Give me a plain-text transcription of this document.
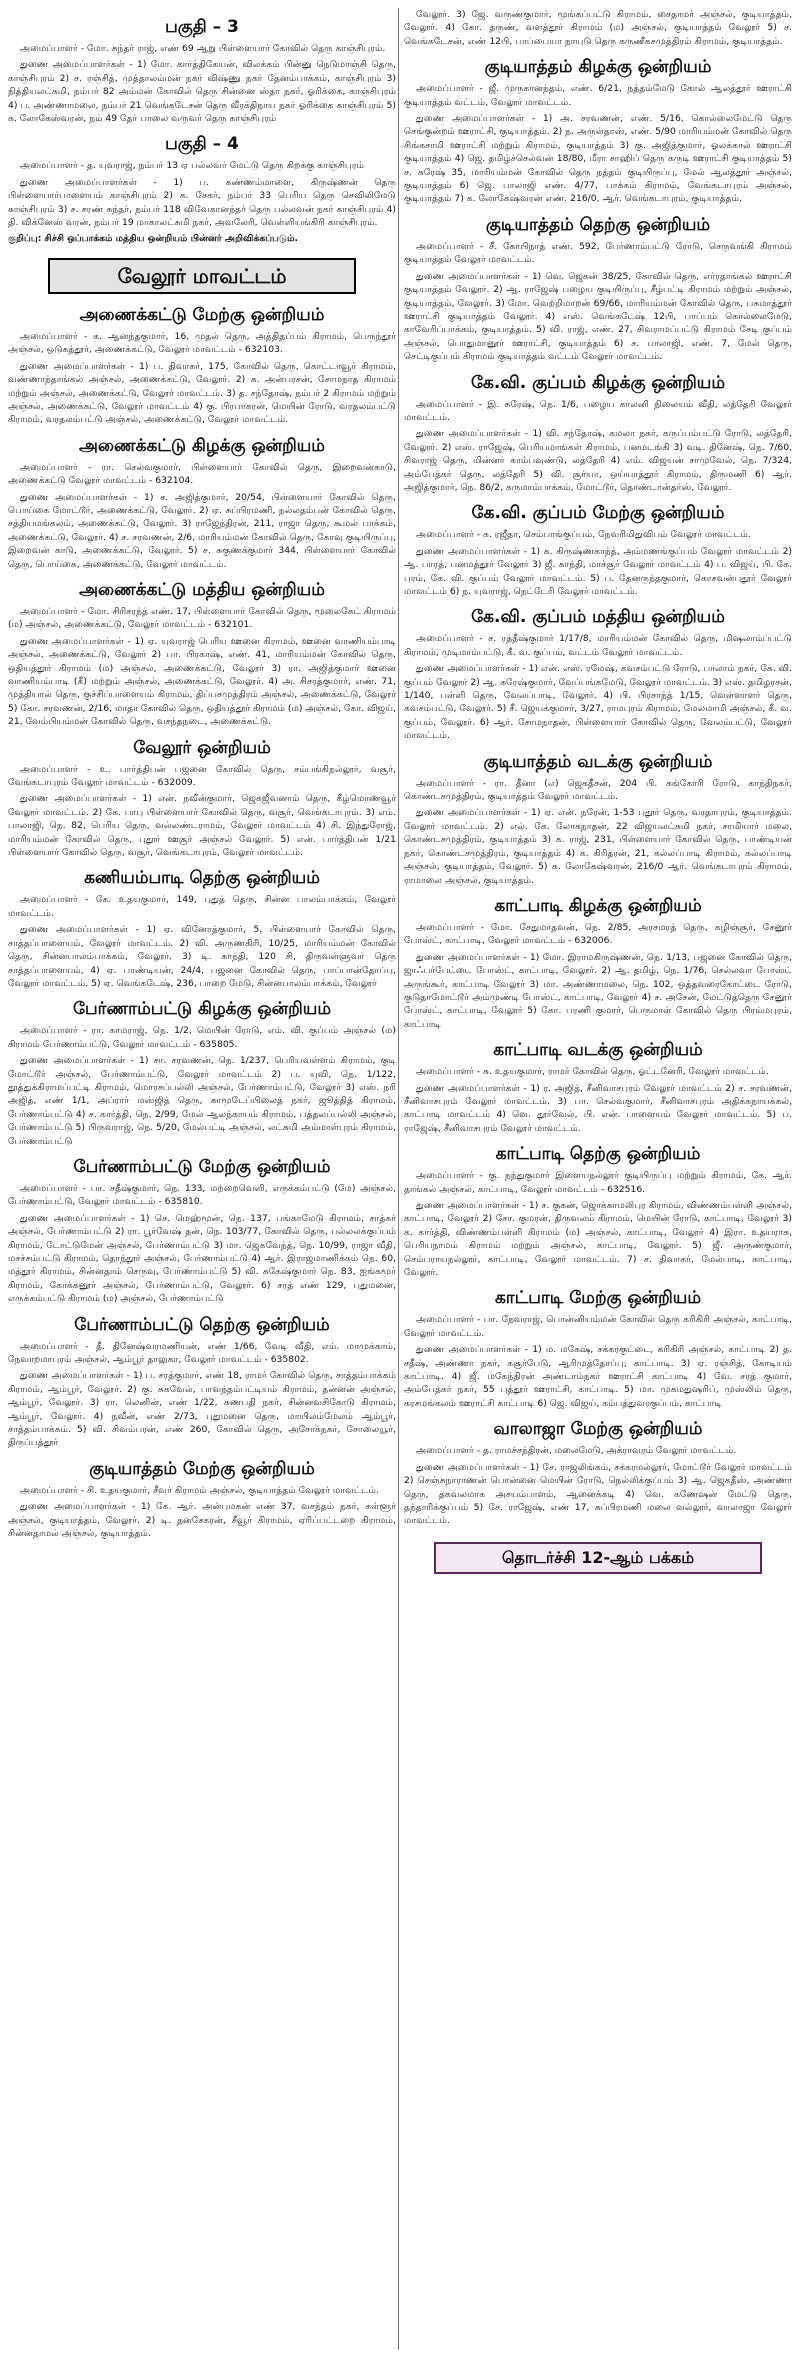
பகுதி – 3

அமைப்பாளர் - மோ. சுந்தர் ராஜ், எண் 69 ஆறு பிள்ளையார் கோவில் தெரு காஞ்சிபுரம்.

துணை அமைப்பாளர்கள் - 1) மோ. கார்த்திகேயன், விலக்கம் பின்னு நெடுமாஞ்சி தெரு, காஞ்சிபுரம் 2) ச. ரஞ்சித், முத்தாலம்மன் நகர் விஷ்ணு நகர் தேனம்பாக்கம், காஞ்சிபுரம் 3) நித்தியலட்சுமி, நம்பர் 82 அம்மன் கோவில் தெரு சின்னை ஸ்தா நகர், ஓரிக்கை, காஞ்சிபுரம் 4) ப. அண்ணாமலை, நம்பர் 21 வெங்கடேசன் தெரு வீரக்திநாய நகர் ஓரிக்கை காஞ்சிபுரம் 5) க. லோகேஸ்வரன், நம் 49 தேர் பாலை வருவர் தெரு காஞ்சிபுரம்

பகுதி – 4

அமைப்பாளர் - த. யுவராஜ், நம்பர் 13 ஏ பல்லவர் மேட்டு தெரு கிறக்கு காஞ்சிபுரம்

துணை அமைப்பாளர்கள் - 1) ப. கண்ணம்மாளை, கிருஷ்ணன் தெரு பிள்ளையார்பாளையம் காஞ்சிபுரம் 2) க. சேகர், நம்பர் 33 பெரிய தெரு செவிலிமேடு காஞ்சிபுரம் 3) ச. சரண் சுந்தர், நம்பர் 118 விவேகானந்தர் தெரு பல்லவன் நகர் காஞ்சிபுரம் 4) தி. விக்னேஸ் வரன், நம்பர் 19 மாகாலட்சுமி நகர், அவலேரி, வெள்ளியங்கிரி காஞ்சிபுரம்.

குறிப்பு: சிச்சி ஒப்பாக்கம் மத்திய ஒன்றியம் பின்னர் அறிவிக்கப்படும்.

வேலூர் மாவட்டம்
அணைக்கட்டு மேற்கு ஒன்றியம்

அமைப்பாளர் - க. ஆனந்தகுமார், 16, முதல் தெரு, அத்திதப்பம் கிராமம், பெருந்தூர் அஞ்சல், ஒடுகத்தூர், அணைக்கட்டு, வேலூர் மாவட்டம் - 632103.

துணை அமைப்பாளர்கள் - 1) ப. திவாகர், 175, கோவில் தெரு, கொட்டாவூர் கிராமம், வண்ணாந்தாங்கல் அஞ்சல், அணைக்கட்டு, வேலூர். 2) சு. அன்பரசன், சோமநாத கிராமம் மற்றும் அஞ்சல், அணைக்கட்டு, வேலூர் மாவட்டம். 3) த. சந்தோஷ், நம்பர் 2 கிராமம் மற்றும் அஞ்சல், அணைக்கட்டு, வேலூர் மாவட்டம் 4) கு. பிரபாகரன், மெயின் ரோடு, வரதலம்பட்டு கிராமம், வரதலம்பட்டு அஞ்சல், அணைக்கட்டு, வேலூர் மாவட்டம்.

அணைக்கட்டு கிழக்கு ஒன்றியம்

அமைப்பாளர் - ரா. செல்வகுமார், பிள்ளையார் கோவில் தெரு, இறைவன்காடு, அணைக்கட்டு வேலூர் மாவட்டம் - 632104.

துணை அமைப்பாளர்கள் - 1) ச. அஜித்குமார், 20/54, பிள்ளையார் கோவில் தெரு, பொய்கை மோட்டூர், அணைக்கட்டு, வேலூர். 2) ஏ. சுப்பிரமணி, நல்லதம்பன் கோவில் தெரு, சத்தியமங்கலம், அணைக்கட்டு, வேலூர். 3) ராஜேந்திரன், 211, ராஜா தெரு, கூமல் பாக்கம், அணைக்கட்டு, வேலூர். 4) ச. சரவணன், 2/6, மாரியம்மன் கோவில் தெரு, கோவு குடியிருப்பு, இறைவன் காடு, அணைக்கட்டு, வேலூர். 5) ச. சுகுணக்குமார் 344, பிள்ளையார் கோவில் தெரு, பொய்கை, அணைக்கட்டு, வேலூர் மாவட்டம்.

அணைக்கட்டு மத்திய ஒன்றியம்

அமைப்பாளர் - மோ. சிரிசரந்த் எண். 17, பிள்ளையார் கோவில் தெரு, மூலைகேட் கிராமம் (ம) அஞ்சல், அணைக்கட்டு, வேலூர் மாவட்டம் - 632101.

துணை அமைப்பாளர்கள் - 1) ஏ. யுவராஜ் பெரிய ஊனை கிராமம், ஊனை வாணியம்பாடி அஞ்சல், அணைக்கட்டு, வேலூர் 2) பா. பிரகாஷ், எண். 41, மாரியம்மன் கோவில் தெரு, ஒதியத்தூர் கிராமம் (ம) அஞ்சல், அணைக்கட்டு, வேலூர் 3) ரா. அஜித்குமார் ஊனை வாணியம்பாடி (கீ) மற்றும் அஞ்சல், அணைக்கட்டு, வேலூர். 4) அ. சிசரத்குமார், எண். 71, முத்தியால் தெரு, குச்சிப்பாளையம் கிராமம், திப்பசமுத்திரம் அஞ்சல், அணைக்கட்டு, வேலூர் 5) கோ. சரவணன், 2/16, மாதா கோவில் தெரு, ஒதியத்தூர் கிராமம் (ம) அஞ்சல், கோ. விஜய், 21, வேம்பியம்மன் கோவில் தெரு, வசந்தநடை, அணைக்கட்டு.

வேலூர் ஒன்றியம்

அமைப்பாளர் - உ. பார்த்திபன் பஜனை கோவில் தெரு, சம்பங்கிநல்லூர், வசூர், வேங்கடாபுரம் வேலூர் மாவட்டம் - 632009.

துணை அமைப்பாளர்கள் - 1) என். நவீன்குமார், ஜெகஜீவனாம் தெரு, கீழ்மொணவூர் வேலூர் மாவட்டம். 2) கே. பாபு பிள்ளையார் கோவில் தெரு, வசூர், வெங்கடாபுரம். 3) எம். பாலாஜி, நெ. 82, பெரிய தெரு, வல்லண்டராமம், வேலூர் மாவட்டம் 4) சி. இந்துரோஜ், மாரியம்மன் கோவில் தெரு, புதூர் ஊசூர் அஞ்சல் வேலூர். 5) என். பார்த்திபன் 1/21 பிள்ளையார் கோவில் தெரு, வசூர், வெங்கடாபுரம், வேலூர் மாவட்டம்.

கணியம்பாடி தெற்கு ஒன்றியம்

அமைப்பாளர் - கே. உதயகுமார், 149, புதுத் தெரு, சின்ன பாலம்பாக்கம், வேலூர் மாவட்டம்.

துணை அமைப்பாளர்கள் - 1) ஏ. வினோத்குமார், 5, பிள்ளையார் கோவில் தெரு, சாத்தப்பாளையம், வேலூர் மாவட்டம். 2) வி. அருணகிரி, 10/25, மாரியம்மன் கோவில் தெரு, சின்னபாலம்பாக்கம், வேலூர். 3) டி. காந்தி, 120 சி, திருவள்ளுவர் தெரு சாத்தப்பாளையம், 4) ஏ. பாண்டியன், 24/4, பஜனை கோவில் தெரு, பாப்பான்தோப்பு, வேலூர் மாவட்டம். 5) ஏ. வெங்கடேஷ், 236, பாறை மேடு, சின்னபாலம்பாக்கம், வேலூர்

பேர்ணாம்பட்டு கிழக்கு ஒன்றியம்

அமைப்பாளர் - ரா. காமராஜ், நெ. 1/2, மெயின் ரோடு, எம். வி. குப்பம் அஞ்சல் (ம) கிராமம் பேர்ணாம்பட்டு, வேலூர் மாவட்டம் - 635805.

துணை அமைப்பாளர்கள் - 1) சா. சரவணன், நெ. 1/237, பெரியவள்ளம் கிராமம், குடி மோட்டூர் அஞ்சல், பேர்ணாம்பட்டு, வேலூர் மாவட்டம் 2) ப. யுவி, நெ. 1/122, தூத்துக்கிராமப்பட்டி கிராமம், மொரசப்பல்லி அஞ்சல், பேர்ணாம்பட்டு, வேலூர் 3) எஸ். நரி அஜித், எண் 1/1, அப்ரார் மஸ்ஜித் தெரு, காமூடேப்பிலைத் நகர், ஜூத்தித் கிராமம், பேர்ணாம்பட்டு 4) ச. கார்த்தி, நெ. 2/99, மேல் ஆலந்காயம் கிராமம், பத்தலப்பல்லி அஞ்சல், பேர்ணாம்பட்டு 5) பிருவராஜ், நெ. 5/20, மேல்பட்டி அஞ்சல், லட்சுமி அம்மாள்புரம் கிராமம், பேர்ணாம்பட்டு

பேர்ணாம்பட்டு மேற்கு ஒன்றியம்

அமைப்பாளர் - பா. சதீஷ்குமார், நெ. 133, மற்றைவெளி, எருக்கம்பட்டு (மே) அஞ்சல், பேர்ணாம்பட்டு, வேலூர் மாவட்டம் - 635810.

துணை அமைப்பாளர்கள் - 1) செ. மெஹ்மூன், நெ. 137, பங்காமேடு கிராமம், சாத்கர் அஞ்சல், பேர்ணாம்பட்டு 2) ரா. பூர்வேஷ் தன், நெ. 103/77, கோவில் தெரு, பல்லலக்குப்பம் கிராமம், டோட்டுமேன் அஞ்சல், பேர்ணாம்பட்டு 3) மா. ஜெகவேந்த், நெ. 10/99, ராஜா வீதி, மசச்சம்பட்டு கிராமம், தொந்தூர் அஞ்சல், பேர்ணாம்பட்டு 4) ஆர். இராஜமாணிக்கம் நெ. 60, மத்தூர் கிராமம், சின்னதாம் செருவு, பேர்ணாம்பட்டு 5) வி. சுகேஷ்குமார் நெ. 83, ஐங்கமூர் கிராமம், கோக்கனூர் அஞ்சல், பேர்ணாம்பட்டு, வேலூர். 6) சரத் எண் 129, புதுமனை, எருக்கம்பட்டு கிராமம் (ம) அஞ்சல், பேர்ணாம்பட்டு

பேர்ணாம்பட்டு தெற்கு ஒன்றியம்

அமைப்பாளர் - தீ. தினேஷ்வரமணியன், எண் 1/66, வேடி வீதி, எம். மாமுக்காம், நேவாறமாபுரம் அஞ்சல், ஆம்பூர் தாலுகா, வேலூர் மாவட்டம் - 635802.

துணை அமைப்பாளர்கள் - 1) ப. சரத்குமார், எண் 18, ராமர் கோவில் தெரு, சாத்தம்பாக்கம் கிராமம், ஆம்பூர், வேலூர். 2) கு. சுகவேல், பாவந்தம்பட்டியம் கிராமம், தன்னன் அஞ்சல், ஆம்பூர், வேலூர். 3) ரா. லெனின், எண் 1/22, கணபதி நகர், சின்னவசிகோடு கிராமம், ஆம்பூர், வேலூர். 4) நவீன், எண் 2/73, புதுமனை தெரு, மாயிலம்மேலம் ஆம்பூர், சாத்தம்பாக்கம். 5) வி. சிவம்பரன், எண் 260, கோவில் தெரு, அசோக்நகர், சோலையூர், திருப்பத்தூர்

குடியாத்தம் மேற்கு ஒன்றியம்

அமைப்பாளர் - சி. உதயகுமார், சீவர் கிராமம் அஞ்சல், குடியாத்தம் வேலூர் மாவட்டம்.

துணை அமைப்பாளர்கள் - 1) கே. ஆர். அன்புமகன் எண் 37, வசந்தம் நகர், கள்ளூர் அஞ்சல், குடியாத்தம், வேலூர். 2) டி. தனசேகரன், சீவூர் கிராமம், ஏரிப்பட்டறை கிராமம், சின்னதாமல் அஞ்சல், குடியாத்தம்.

வேலூர். 3) ஜே. வருண்குமார், மூங்கப்பட்டு கிராமம், சைதாமர் அஞ்சல், குடியாத்தம், வேலூர். 4) கோ. தருண், வளத்தூர் கிராமம் (ம) அஞ்சல், குடியாத்தம் வேலூர் 5) ச. வெங்கடேசன், எண் 12பி, பாப்பையா நாயுடு தெரு கருணீகசமுத்திரம் கிராமம், குடியாத்தம்.

குடியாத்தம் கிழக்கு ஒன்றியம்

அமைப்பாளர் - ஜீ. முருகானந்தம், எண். 6/21, நத்தம்மேடு கோல் ஆலத்தூர் ஊராட்சி குடியாத்தம் வட்டம், வேலூர் மாவட்டம்.

துணை அமைப்பாளர்கள் - 1) அ. சரவணன், எண். 5/16, கொல்லைமேட்டு தெரு செங்குன்றம் ஊராட்சி, குடியாத்தம். 2) ந. அருள்தாஸ், எண். 5/90 மாரியம்மன் கோவில் தெரு சிங்கசாமி ஊராட்சி மற்றும் கிராமம், குடியாத்தம் 3) கு. அஜித்குமார், ஓலக்கால் ஊராட்சி குடியாத்தம் 4) ஜெ. தமிழ்ச்செல்வன் 18/80, மீரா சாஹிப் தெரு கருடி ஊராட்சி குடியாத்தம் 5) ச. சுரேஷ் 35, மாரியம்மன் கோவில் தெரு நத்தம் குடியிருப்பு, மேல் ஆலத்தூர் அஞ்சல், குடியாத்தம் 6) ஜெ. பாலாஜி எண். 4/77, பாக்கம் கிராமம், வேங்கடாபுரம் அஞ்சல், குடியாத்தம் 7) க. லோகேஷ்வரன் எண். 216/0, ஆர். வெங்கடாபுரம், குடியாத்தம்.

குடியாத்தம் தெற்கு ஒன்றியம்

அமைப்பாளர் - சீ. கோபிநாத் எண். 592, பேர்ணாம்பட்டு ரோடு, செருவங்கி கிராமம் குடியாத்தம் வேலூர் மாவட்டம்.

துணை அமைப்பாளர்கள் - 1) வெ. ஜெகன் 38/25, கோவில் தெரு, எர்ரதாங்கல் ஊராட்சி குடியாத்தம் வேலூர். 2) ஆ. ராஜேஷ் பழைய குடியிருப்பு, சீழ்பட்டி கிராமம் மற்றும் அஞ்சல், குடியாத்தம், வேலூர். 3) மோ. வெற்றிமாறன் 69/66, மாரியம்மன் கோவில் தெரு, பசுமாத்தூர் ஊராட்சி குடியாத்தம் வேலூர். 4) எஸ். வெங்கடேஷ் 12பி, பாப்பம் கொல்லைமேடு, காவேரிப்பாக்கம், குடியாத்தம். 5) வி. ராஜ், எண். 27, சிவராமப்பட்டு கிராமம் சேடி குப்பம் அஞ்சல், பொதுமானூர் ஊராட்சி, குடியாத்தம் 6) ச. பாலாஜி, எண். 7, மேல் தெரு, செட்டிகுப்பம் கிராமம் குடியாத்தம் வட்டம் வேலூர் மாவட்டம்.

கே.வி. குப்பம் கிழக்கு ஒன்றியம்

அமைப்பாளர் - இ. சுரேஷ், நெ. 1/6, பழைய காலனி நிலையம் வீதி, லத்தேரி வேலூர் மாவட்டம்.

துணை அமைப்பாளர்கள் - 1) வி. சந்தோஷ், கமலா நகர், கருப்பம்பட்டு ரோடு, லத்தேரி, வேலூர். 2) எஸ். ராஜேஷ், பெரியமாங்கள் கிராமம், பனமடங்கி 3) வடி. தினேஷ், நெ. 7/60, சிவராஜ் தெரு, மின்னர் காம்பவுண்டு, லத்தேரி 4) எம். விஜயன் சாமுவேல், நெ. 7/324, அம்பேத்கர் தெரு, லத்தேரி 5) வி. சூர்யா, ஒய்யாத்தூர் கிராமம், திருமணி 6) ஆர். அஜித்குமார், நெ. 86/2, கருமாம்பாக்கம், மோட்டூர், தொண்டான்தர்ஸ், வேலூர்.

கே.வி. குப்பம் மேற்கு ஒன்றியம்

அமைப்பாளர் - க. ரஜீதா, செம்பாங்குப்பம், நேவரிமிதுவிபம் வேலூர் மாவட்டம்.

துணை அமைப்பாளர்கள் - 1) க. கிருஷ்ணகாந்த், அம்மணங்குப்பம் வேலூர் மாவட்டம் 2) ஆ. பாரத், பனமத்தூர் வேலூர் 3) ஜீ. காந்தி, மாச்சூர் வேலூர் மாவட்டம் 4) ப. விஜய், பி. கே. புரம், கே. வி. குப்பம் வேலூர் மாவட்டம். 5) ப. தேனருந்தகுமார், கொசவன்புதூர் வேலூர் மாவட்டம் 6) ந. யுவராஜ், நெட்டேரி வேலூர் மாவட்டம்.

கே.வி. குப்பம் மத்திய ஒன்றியம்

அமைப்பாளர் - ச. ரத்தீஷ்குமார் 1/17/8, மாரியம்மன் கோவில் தெரு, மிஷலாம்ப்பட்டு கிராமம், முடிமாம்பட்டு, கீ. வ. குப்பம், வட்டம் வேலூர் மாவட்டம்.

துணை அமைப்பாளர்கள் - 1) என். எஸ். ரமேஷ், கவசம்பட்டு ரோடு, பாலாம் நகர், கே. வி. குப்பம் வேலூர் 2) ஆ. சுரேஷ்குமார், வேப்பங்கமேடு, வேலூர் மாவட்டம். 3) எஸ். தமிழரசன், 1/140, பள்ளி தெரு, வேலப்பாடி, வேலூர். 4) பி. பிரசாந்த் 1/15, வெள்ளாளர் தெரு, கவசம்பட்டு, வேலூர். 5) சீ. ஜெயக்குமார், 3/27, ராமபுரம் கிராமம், மேலமாமி அஞ்சல், கீ. வ. குப்பம், வேலூர். 6) ஆர். சோமநாதன், பிள்ளையார் கோவில் தெரு, வேலம்பட்டு, வேலூர் மாவட்டம்.

குடியாத்தம் வடக்கு ஒன்றியம்

அமைப்பாளர் - ரா. தீனா (எ) ஜெகதீசன், 204 பி. கங்கோரி ரோடு, காந்திநகர், கொண்டசமுத்திரம், குடியாத்தம் வேலூர் மாவட்டம்.

துணை அமைப்பாளர்கள் - 1) ஏ. என். நரேன், 1-53 புதூர் தெரு, வரதாபுரம், குடியாத்தம். வேலூர் மாவட்டம். 2) எல். கே. லோகநாதன், 22 விஜயலட்சுமி நகர், சாமியார் மலை, கொண்டசமுத்திரம், குடியாத்தம் 3) க. ராஜ், 231, பிள்ளையார் கோவில் தெரு, பாண்டியன் நகர், கொண்டசமுத்திரம், குடியாத்தம் 4) க. கிரிதரன், 21, கல்லப்பாடி கிராமம், கல்லப்பாடி அஞ்சல், குடியாத்தம், வேலூர். 5) க. லோகேஷ்வரன், 216/0 ஆர். வெங்கடாபுரம் கிராமம், ராமாலை அஞ்சல், குடியாத்தம்.

காட்பாடி கிழக்கு ஒன்றியம்

அமைப்பாளர் - மோ. சேதுமாதவன், நெ. 2/85, அரசமரத் தெரு, கழிஞ்சூர், சேனூர் போஸ்ட், காட்பாடி, வேலூர் மாவட்டம் - 632006.

துணை அமைப்பாளர்கள் - 1) மோ. இராமகிருஷ்ணன், நெ. 1/13, பஜனை கோவில் தெரு, ஜாஃபர்பேட்டை போஸ்ட், காட்பாடி, வேலூர். 2) ஆ. தமிழ், நெ. 1/76, செல்லவா போஸ்ட் அருங்கூர், காட்பாடி வேலூர் 3) மா. அண்ணாமலை, நெ. 102, ஒத்தவரைகோட்டை ரோடு, குடுதாமோட்டூர் அம்முண்டி போஸ்ட், காட்பாடி, வேலூர் 4) ச. அசேன், மேட்டுத்தெரு சேனூர் போஸ்ட், காட்பாடி, வேலூர் 5) கோ. பரணி குமார், பெருமாள் கோவில் தெரு பிரம்மபுரம், காட்பாடி

காட்பாடி வடக்கு ஒன்றியம்

அமைப்பாளர் - சு. உதயகுமார், ராமர் கோவில் தெரு, ஓட்டனேரி, வேலூர் மாவட்டம்.

துணை அமைப்பாளர்கள் - 1) ர. அஜித், சீனிவாசபுரம் வேலூர் மாவட்டம் 2) ச. சரவணன், சீனிவாசபுரம் வேலூர் மாவட்டம். 3) பா. செல்வகுமார், சீனிவாசபுரம் அதிக்கநாயக்கல், காட்பாடி மாவட்டம் 4) வெ. தூர்வேல், பி. என். பாளையம் வேலூர் மாவட்டம். 5) ப. ராஜேஷ், சீனிவாசபுரம் வேலூர் மாவட்டம்.

காட்பாடி தெற்கு ஒன்றியம்

அமைப்பாளர் - கு. நந்துகுமார் இளையநல்லூர் குடியிருப்பு மற்றும் கிராமம், கே. ஆர். தாங்கல் அஞ்சல், காட்பாடி, வேலூர் மாவட்டம் - 632516.

துணை அமைப்பாளர்கள் - 1) ச. குகன், ஜொக்காமலிபுர கிராமம், விண்ணம்பள்ளி அஞ்சல், காட்பாடி, வேலூர் 2) சோ. குமரன், திருவலம் கிராமம், மெயின் ரோடு, காட்பாடி, வேலூர் 3) க. கார்த்தி, விண்ணம்பள்ளி கிராமம் (ம) அஞ்சல், காட்பாடி, வேலூர் 4) இரா. உதயராசு, பெரியநாமம் கிராமம் மற்றும் அஞ்சல், காட்பாடி, வேலூர். 5) ஜீ. அருண்குமார், செம்பராயநல்லூர், காட்பாடி, வேலூர் மாவட்டம். 7) ச. திவாகர், மேல்பாடி, காட்பாடி, வேலூர்.

காட்பாடி மேற்கு ஒன்றியம்

அமைப்பாளர் - பா. நேவராஜ், பொன்னியம்மன் கோவில் தெரு கரிகிரி அஞ்சல், காட்பாடி, வேலூர் மாவட்டம்.

துணை அமைப்பாளர்கள் - 1) ம. மகேஷ், சக்கரகுட்டை, கரிகிரி அஞ்சல், காட்பாடி 2) த. சதீஷ், அண்ணா நகர், கசூர்பேடு, ஆரிமுத்தோப்பு, காட்பாடி. 3) ஏ. ரஞ்சித், கோடியம் காட்பாடி. 4) ஜீ. மகேந்திரன் அண்டாம்நகர் ஊராட்சி காட்பாடி 4) வே. சரத் குமார், அம்பேத்கர் நகர், 55 புத்தூர் ஊராட்சி, காட்பாடி. 5) மா. முகமதுஷரிப், முஸ்லிம் தெரு, கரசமங்கலம் ஊராட்சி காட்பாடி 6) ஜெ. விஜய், கம்பத்துவரகுப்பம், காட்பாடி

வாலாஜா மேற்கு ஒன்றியம்

அமைப்பாளர் - த. ராமச்சந்திரன், மலைமேடு, அக்ராவரம் வேலூர் மாவட்டம்.

துணை அமைப்பாளர்கள் - 1) சே. ராஜலிங்கம், சக்கரமல்லூர், மோட்டூர் வேலூர் மாவட்டம் 2) செஞ்சுநாராணன் பொன்னை மெயின் ரோடு, நெல்லிக்குப்பம் 3) ஆ. ஜெகதீஸ், அண்ணா தெரு, தகவலமாக அசயம்பாளம், ஆனைக்கடி 4) வெ. கணேஷன் மேட்டு தெரு, தந்தாரிக்குப்பம் 5) சே. ராஜேஷ், எண் 17, சுப்பிரமணி மலை வல்லூர், வாலாஜா வேலூர் மாவட்டம்.

தொடர்ச்சி 12-ஆம் பக்கம்
